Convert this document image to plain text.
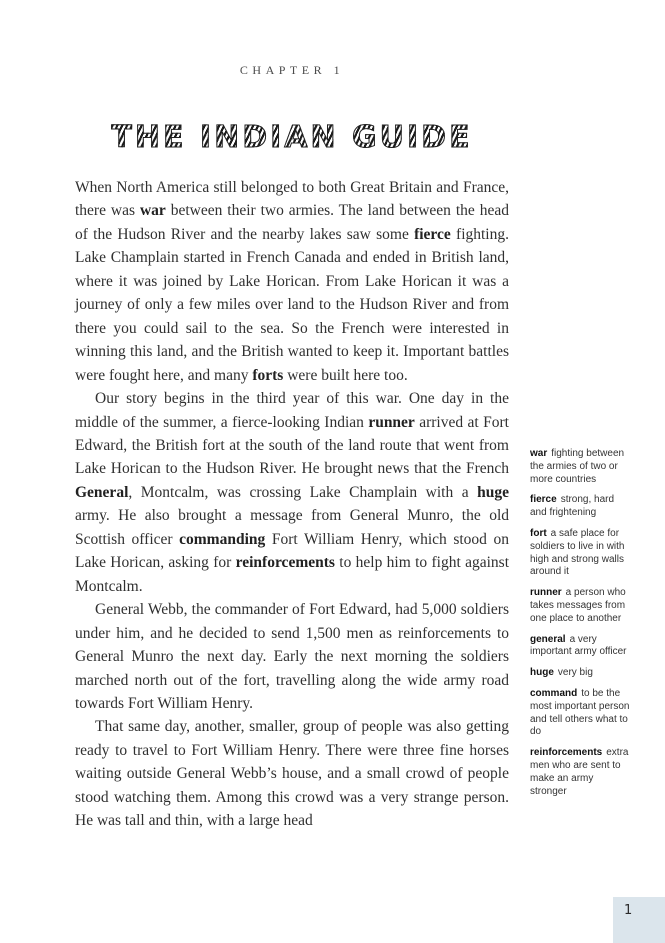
CHAPTER 1
THE INDIAN GUIDE

When North America still belonged to both Great Britain and France, there was war between their two armies. The land between the head of the Hudson River and the nearby lakes saw some fierce fighting. Lake Champlain started in French Canada and ended in British land, where it was joined by Lake Horican. From Lake Horican it was a journey of only a few miles over land to the Hudson River and from there you could sail to the sea. So the French were interested in winning this land, and the British wanted to keep it. Important battles were fought here, and many forts were built here too.

Our story begins in the third year of this war. One day in the middle of the summer, a fierce-looking Indian runner arrived at Fort Edward, the British fort at the south of the land route that went from Lake Horican to the Hudson River. He brought news that the French General, Montcalm, was crossing Lake Champlain with a huge army. He also brought a message from General Munro, the old Scottish officer commanding Fort William Henry, which stood on Lake Horican, asking for reinforcements to help him to fight against Montcalm.

General Webb, the commander of Fort Edward, had 5,000 soldiers under him, and he decided to send 1,500 men as reinforcements to General Munro the next day. Early the next morning the soldiers marched north out of the fort, travelling along the wide army road towards Fort William Henry.

That same day, another, smaller, group of people was also getting ready to travel to Fort William Henry. There were three fine horses waiting outside General Webb’s house, and a small crowd of people stood watching them. Among this crowd was a very strange person. He was tall and thin, with a large head

war fighting between the armies of two or more countries
fierce strong, hard and frightening
fort a safe place for soldiers to live in with high and strong walls around it
runner a person who takes messages from one place to another
general a very important army officer
huge very big
command to be the most important person and tell others what to do
reinforcements extra men who are sent to make an army stronger
1
